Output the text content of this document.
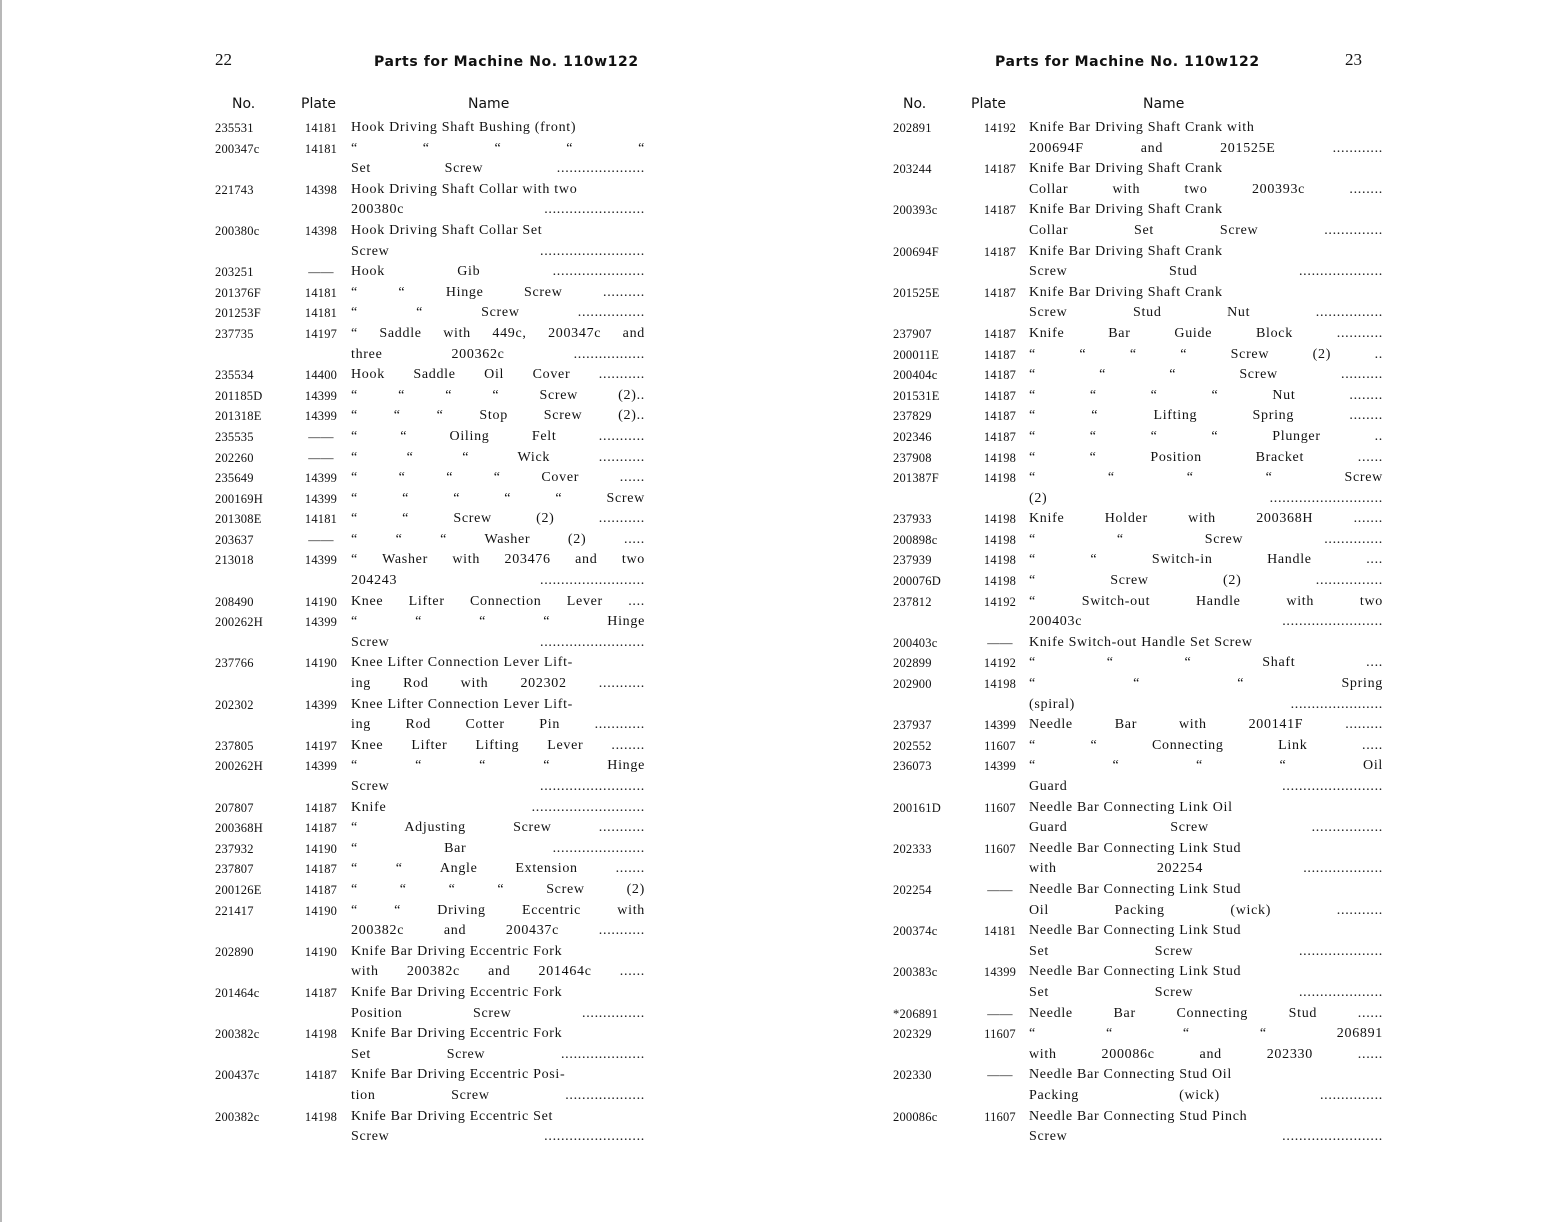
22	Parts for Machine No. 110w122
No.	Plate	Name
235531	14181 Hook Driving Shaft Bushing (front)
200347c	14181 “ “ “ “ “
Set Screw .....................
221743	14398 Hook Driving Shaft Collar with two
200380c ........................
200380c	14398 Hook Driving Shaft Collar Set
Screw .........................
203251	——	Hook Gib ......................
201376F	14181 “ “ Hinge Screw ..........
201253F	14181 “ “ Screw ................
237735	14197 “ Saddle with 449c, 200347c and
three 200362c .................
235534	14400 Hook Saddle Oil Cover ...........
201185D	14399 “ “ “ “ Screw (2)..
201318E	14399 “ “ “ Stop Screw (2)..
235535	——	“ “ Oiling Felt ...........
202260	——	“ “ “ Wick ...........
235649	14399 “ “ “ “ Cover ......
200169H	14399 “ “ “ “ “ Screw
201308E	14181 “ “ Screw (2) ...........
203637	——	“ “ “ Washer (2) .....
213018	14399 “ Washer with 203476 and two
204243 .........................
208490	14190 Knee Lifter Connection Lever ....
200262H	14399 “ “ “ “ Hinge
Screw .........................
237766	14190 Knee Lifter Connection Lever Lift-
ing Rod with 202302 ...........
202302	14399 Knee Lifter Connection Lever Lift-
ing Rod Cotter Pin ............
237805	14197 Knee Lifter Lifting Lever ........
200262H	14399 “ “ “ “ Hinge
Screw .........................
207807	14187 Knife ...........................
200368H	14187 “ Adjusting Screw ...........
237932	14190 “ Bar ......................
237807	14187 “ “ Angle Extension .......
200126E	14187 “ “ “ “ Screw (2)
221417	14190 “ “ Driving Eccentric with
200382c and 200437c ...........
202890	14190 Knife Bar Driving Eccentric Fork
with 200382c and 201464c ......
201464c	14187 Knife Bar Driving Eccentric Fork
Position Screw ...............
200382c	14198 Knife Bar Driving Eccentric Fork
Set Screw ....................
200437c	14187 Knife Bar Driving Eccentric Posi-
tion Screw ...................
200382c	14198 Knife Bar Driving Eccentric Set
Screw ........................
23
Parts for Machine No. 110w122
No.	Plate	Name
202891	14192 Knife Bar Driving Shaft Crank with
200694F and 201525E ............
203244	14187 Knife Bar Driving Shaft Crank
Collar with two 200393c ........
200393c	14187 Knife Bar Driving Shaft Crank
Collar Set Screw ..............
200694F	14187 Knife Bar Driving Shaft Crank
Screw Stud ....................
201525E	14187 Knife Bar Driving Shaft Crank
Screw Stud Nut ................
237907	14187 Knife Bar Guide Block ...........
200011E	14187 “ “ “ “ Screw (2) ..
200404c	14187 “ “ “ Screw ..........
201531E	14187 “ “ “ “ Nut ........
237829	14187 “ “ Lifting Spring ........
202346	14187 “ “ “ “ Plunger ..
237908	14198 “ “ Position Bracket ......
201387F	14198 “ “ “ “ Screw
(2) ...........................
237933	14198 Knife Holder with 200368H .......
200898c	14198 “ “ Screw ..............
237939	14198 “ “ Switch-in Handle ....
200076D	14198 “ Screw (2) ................
237812	14192 “ Switch-out Handle with two
200403c ........................
200403c	——	Knife Switch-out Handle Set Screw
202899	14192 “ “ “ Shaft ....
202900	14198 “ “ “ Spring
(spiral) ......................
237937	14399 Needle Bar with 200141F .........
202552	11607 “ “ Connecting Link .....
236073	14399 “ “ “ “ Oil
Guard ........................
200161D	11607 Needle Bar Connecting Link Oil
Guard Screw .................
202333	11607 Needle Bar Connecting Link Stud
with 202254 ...................
202254	——	Needle Bar Connecting Link Stud
Oil Packing (wick) ...........
200374c	14181 Needle Bar Connecting Link Stud
Set Screw ....................
200383c	14399 Needle Bar Connecting Link Stud
Set Screw ....................
*206891	——	Needle Bar Connecting Stud ......
202329	11607 “ “ “ “ 206891
with 200086c and 202330 ......
202330	——	Needle Bar Connecting Stud Oil
Packing (wick) ...............
200086c	11607 Needle Bar Connecting Stud Pinch
Screw ........................
